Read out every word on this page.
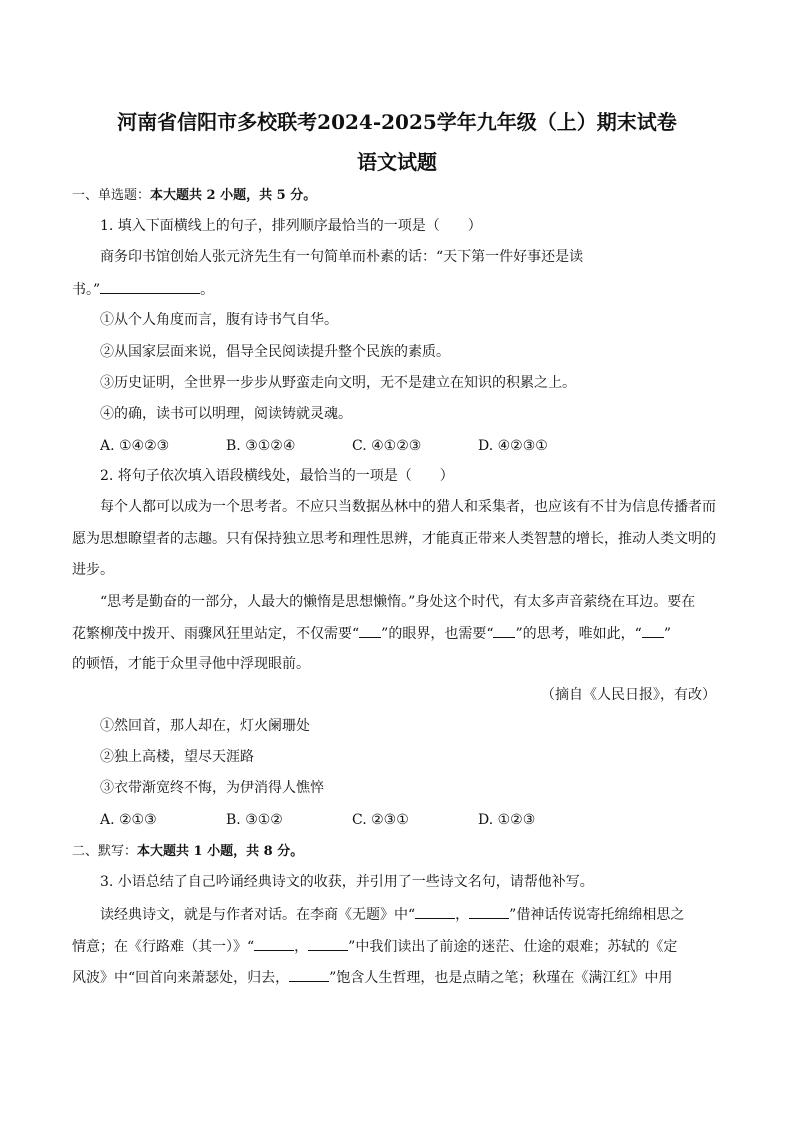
河南省信阳市多校联考2024-2025学年九年级（上）期末试卷
语文试题
一、单选题：本大题共 2 小题，共 5 分。
1. 填入下面横线上的句子，排列顺序最恰当的一项是（　　）
商务印书馆创始人张元济先生有一句简单而朴素的话：“天下第一件好事还是读
书。”	。
①从个人角度而言，腹有诗书气自华。
②从国家层面来说，倡导全民阅读提升整个民族的素质。
③历史证明，全世界一步步从野蛮走向文明，无不是建立在知识的积累之上。
④的确，读书可以明理，阅读铸就灵魂。
A. ①④②③	B. ③①②④	C. ④①②③	D. ④②③①
2. 将句子依次填入语段横线处，最恰当的一项是（　　）
每个人都可以成为一个思考者。不应只当数据丛林中的猎人和采集者，也应该有不甘为信息传播者而
愿为思想瞭望者的志趣。只有保持独立思考和理性思辨，才能真正带来人类智慧的增长，推动人类文明的
进步。
“思考是勤奋的一部分，人最大的懒惰是思想懒惰。”身处这个时代，有太多声音萦绕在耳边。要在
花繁柳茂中拨开、雨骤风狂里站定，不仅需要“ ”的眼界，也需要“ ”的思考，唯如此，“ ”
的顿悟，才能于众里寻他中浮现眼前。
（摘自《人民日报》，有改）
①然回首，那人却在，灯火阑珊处
②独上高楼，望尽天涯路
③衣带渐宽终不悔，为伊消得人憔悴
A. ②①③	B. ③①②	C. ②③①	D. ①②③
二、默写：本大题共 1 小题，共 8 分。
3. 小语总结了自己吟诵经典诗文的收获，并引用了一些诗文名句，请帮他补写。
读经典诗文，就是与作者对话。在李商《无题》中“	，	”借神话传说寄托绵绵相思之
情意；在《行路难（其一）》“	，	”中我们读出了前途的迷茫、仕途的艰难；苏轼的《定
风波》中“回首向来萧瑟处，归去，	”饱含人生哲理，也是点睛之笔；秋瑾在《满江红》中用
